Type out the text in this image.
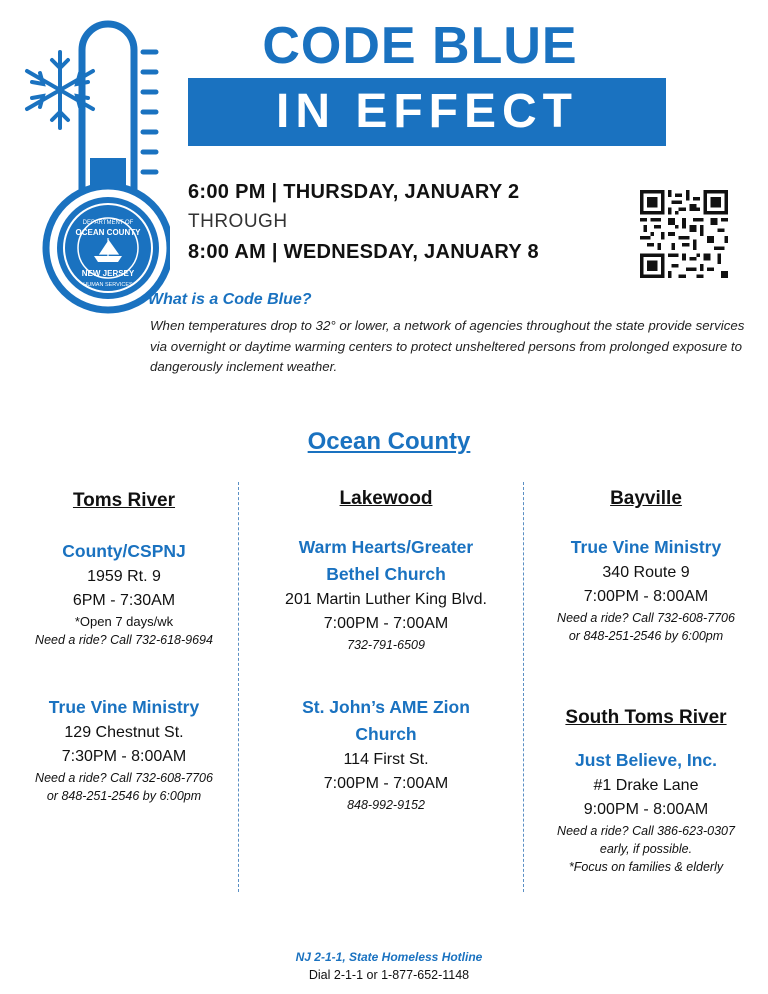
DEPARTMENT OF
OCEAN COUNTY
NEW JERSEY
HUMAN SERVICES
CODE BLUE
IN EFFECT
6:00 PM | THURSDAY, JANUARY 2
THROUGH
8:00 AM | WEDNESDAY, JANUARY 8
What is a Code Blue?
When temperatures drop to 32° or lower, a network of agencies throughout the state provide services via overnight or daytime warming centers to protect unsheltered persons from prolonged exposure to dangerously inclement weather.
Ocean County
Toms River
County/CSPNJ
1959 Rt. 9
6PM - 7:30AM
*Open 7 days/wk
Need a ride? Call 732-618-9694
True Vine Ministry
129 Chestnut St.
7:30PM - 8:00AM
Need a ride? Call 732-608-7706
or 848-251-2546 by 6:00pm
Lakewood
Warm Hearts/Greater
Bethel Church
201 Martin Luther King Blvd.
7:00PM - 7:00AM
732-791-6509
St. John’s AME Zion
Church
114 First St.
7:00PM - 7:00AM
848-992-9152
Bayville
True Vine Ministry
340 Route 9
7:00PM - 8:00AM
Need a ride? Call 732-608-7706
or 848-251-2546 by 6:00pm
South Toms River
Just Believe, Inc.
#1 Drake Lane
9:00PM - 8:00AM
Need a ride? Call 386-623-0307
early, if possible.
*Focus on families & elderly
NJ 2-1-1, State Homeless Hotline
Dial 2-1-1 or 1-877-652-1148
